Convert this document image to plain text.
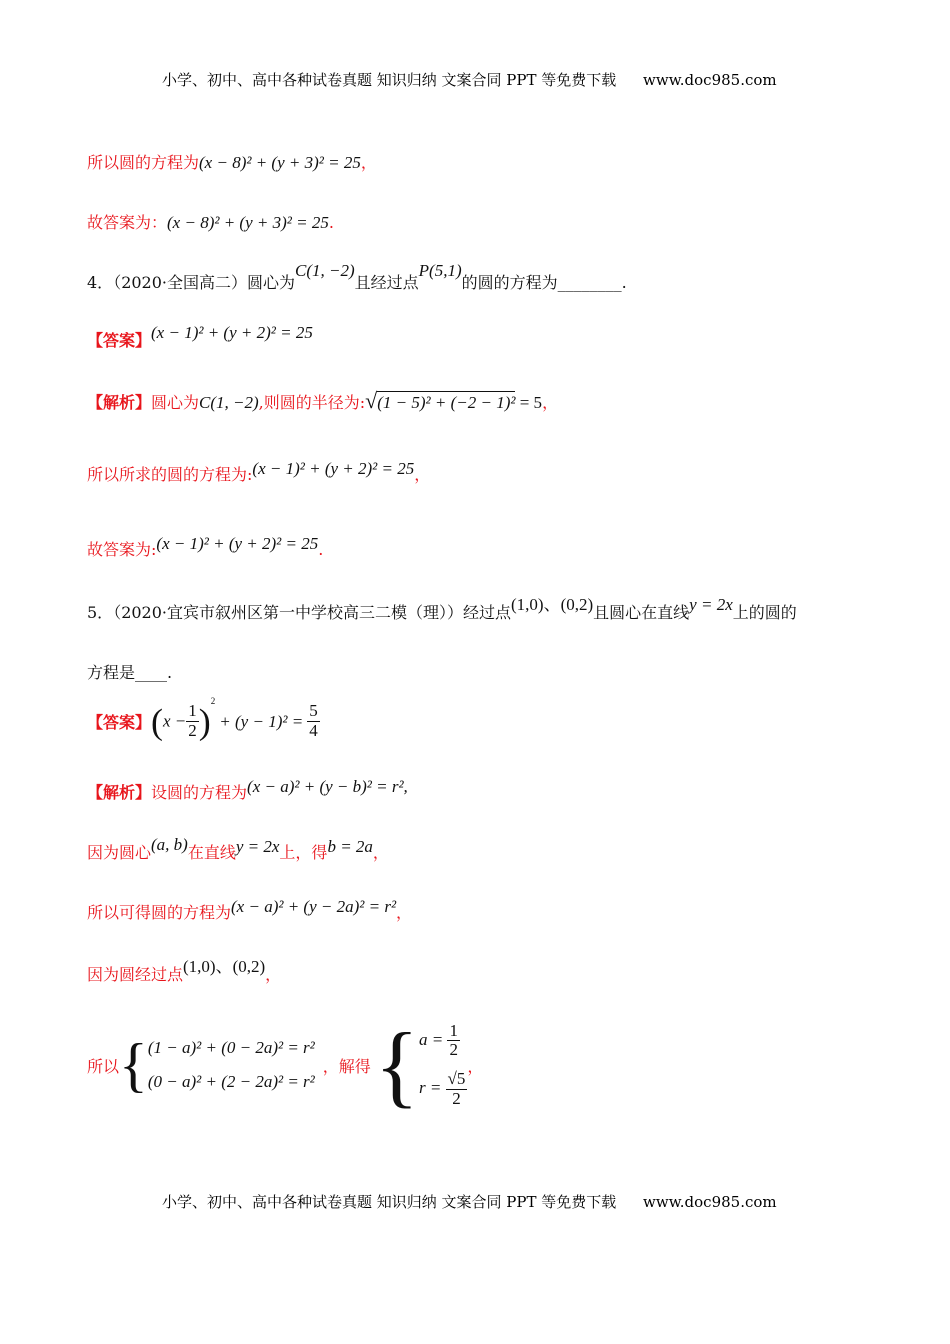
小学、初中、高中各种试卷真题 知识归纳 文案合同 PPT 等免费下载 www.doc985.com
小学、初中、高中各种试卷真题 知识归纳 文案合同 PPT 等免费下载 www.doc985.com
所以圆的方程为(x − 8)² + (y + 3)² = 25，
故答案为：(x − 8)² + (y + 3)² = 25.
4．（2020·全国高二）圆心为C(1, −2)且经过点P(5,1)的圆的方程为________.
【答案】(x − 1)² + (y + 2)² = 25
【解析】圆心为C(1, −2),则圆的半径为:√(1 − 5)² + (−2 − 1)² = 5，
所以所求的圆的方程为:(x − 1)² + (y + 2)² = 25，
故答案为:(x − 1)² + (y + 2)² = 25.
5．（2020·宜宾市叙州区第一中学校高三二模（理））经过点(1,0)、(0,2)且圆心在直线y = 2x上的圆的
方程是____.
【答案】$(x - \frac{1}{2} )^2+ (y - 1)^2 = \frac{5}{4}$
【解析】设圆的方程为(x − a)² + (y − b)² = r²,
因为圆心(a, b)在直线y = 2x上，得b = 2a，
所以可得圆的方程为(x − a)² + (y − 2a)² = r²，
因为圆经过点(1,0)、(0,2)，
所以 { (1 − a)² + (0 − 2a)² = r²
(0 − a)² + (2 − 2a)² = r²
，解得 { $a = \frac{1}{2}$
$r = \frac{√5}{2}$
，
